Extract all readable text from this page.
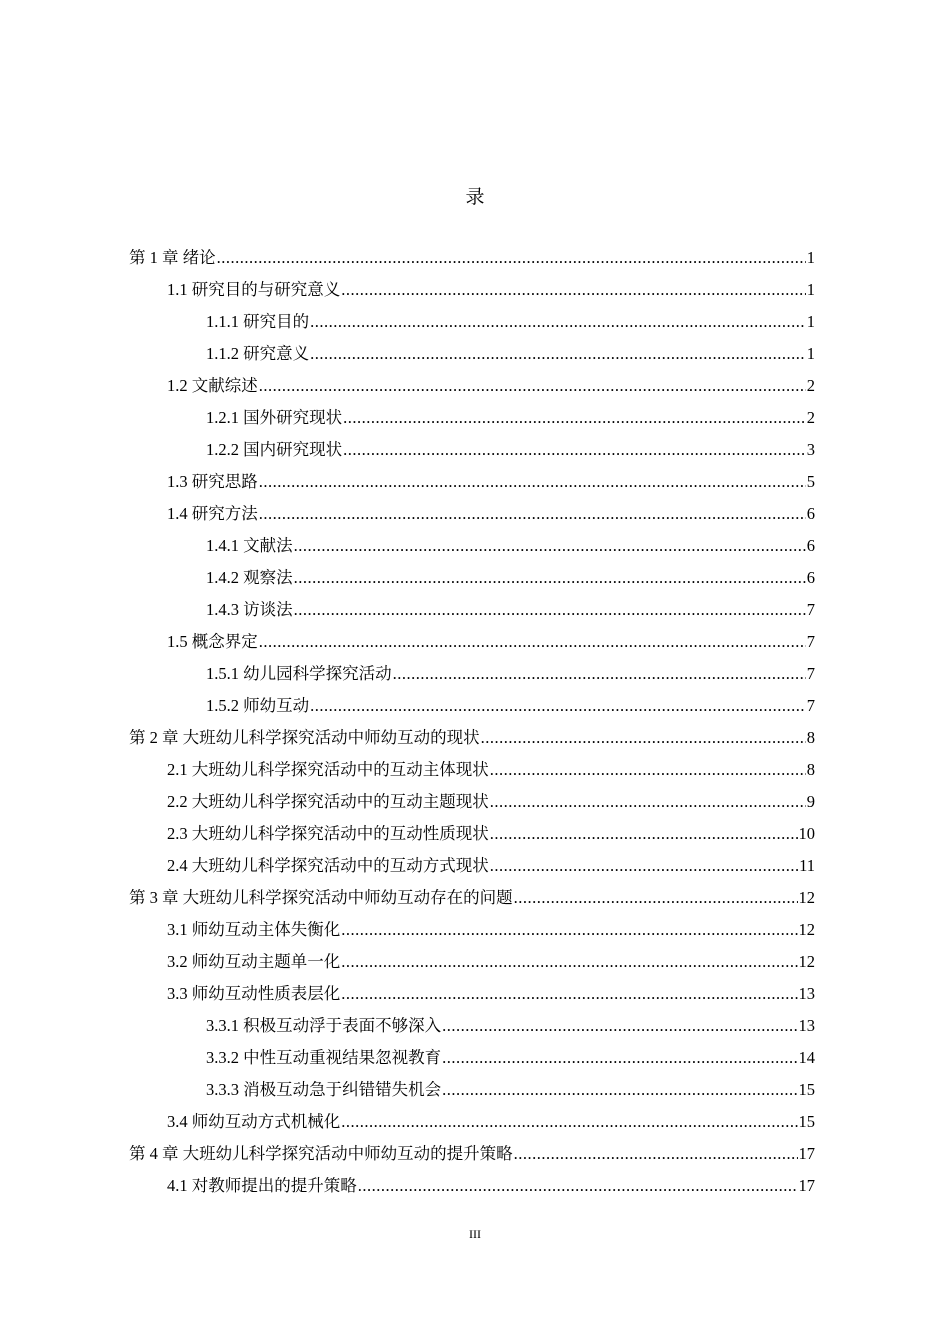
录
第 1 章 绪论 .....	1
1.1 研究目的与研究意义 .....	1
1.1.1 研究目的 .....	1
1.1.2 研究意义 .....	1
1.2 文献综述 .....	2
1.2.1 国外研究现状 .....	2
1.2.2 国内研究现状 .....	3
1.3 研究思路 .....	5
1.4 研究方法 .....	6
1.4.1 文献法 .....	6
1.4.2 观察法 .....	6
1.4.3 访谈法 .....	7
1.5 概念界定 .....	7
1.5.1 幼儿园科学探究活动 .....	7
1.5.2 师幼互动 .....	7
第 2 章 大班幼儿科学探究活动中师幼互动的现状 .....	8
2.1 大班幼儿科学探究活动中的互动主体现状 .....	8
2.2 大班幼儿科学探究活动中的互动主题现状 .....	9
2.3 大班幼儿科学探究活动中的互动性质现状 .....	10
2.4 大班幼儿科学探究活动中的互动方式现状 .....	11
第 3 章 大班幼儿科学探究活动中师幼互动存在的问题 .....	12
3.1 师幼互动主体失衡化 .....	12
3.2 师幼互动主题单一化 .....	12
3.3 师幼互动性质表层化 .....	13
3.3.1 积极互动浮于表面不够深入 .....	13
3.3.2 中性互动重视结果忽视教育 .....	14
3.3.3 消极互动急于纠错错失机会 .....	15
3.4 师幼互动方式机械化 .....	15
第 4 章 大班幼儿科学探究活动中师幼互动的提升策略 .....	17
4.1 对教师提出的提升策略 .....	17
III
